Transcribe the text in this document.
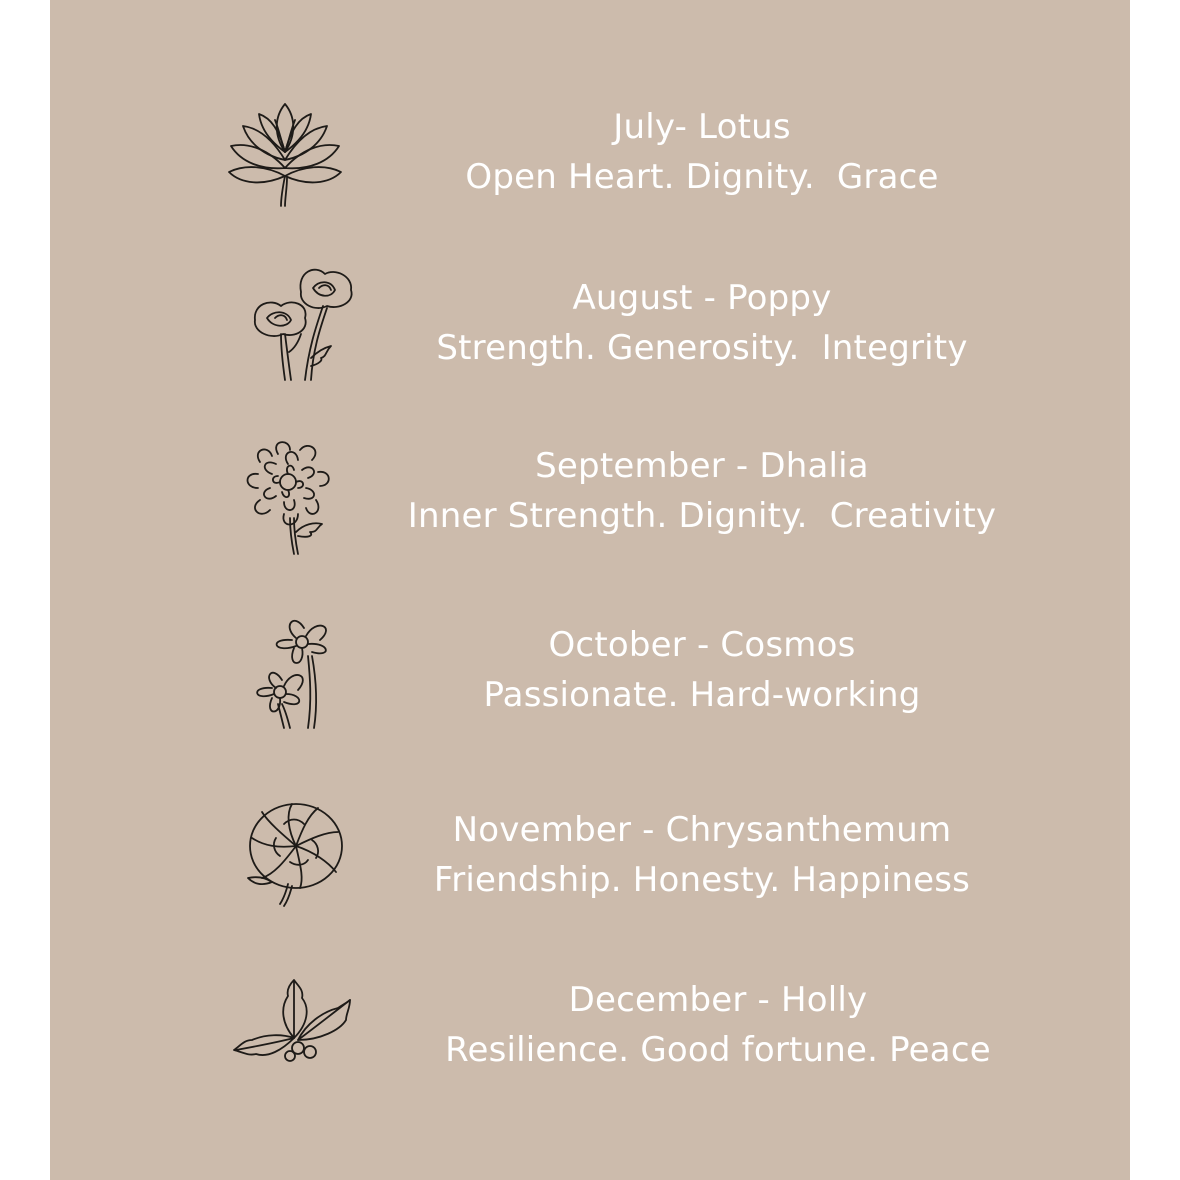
July- Lotus
Open Heart. Dignity.  Grace
August - Poppy
Strength. Generosity.  Integrity
September - Dhalia
Inner Strength. Dignity.  Creativity
October - Cosmos
Passionate. Hard-working
November - Chrysanthemum
Friendship. Honesty. Happiness
December - Holly
Resilience. Good fortune. Peace
